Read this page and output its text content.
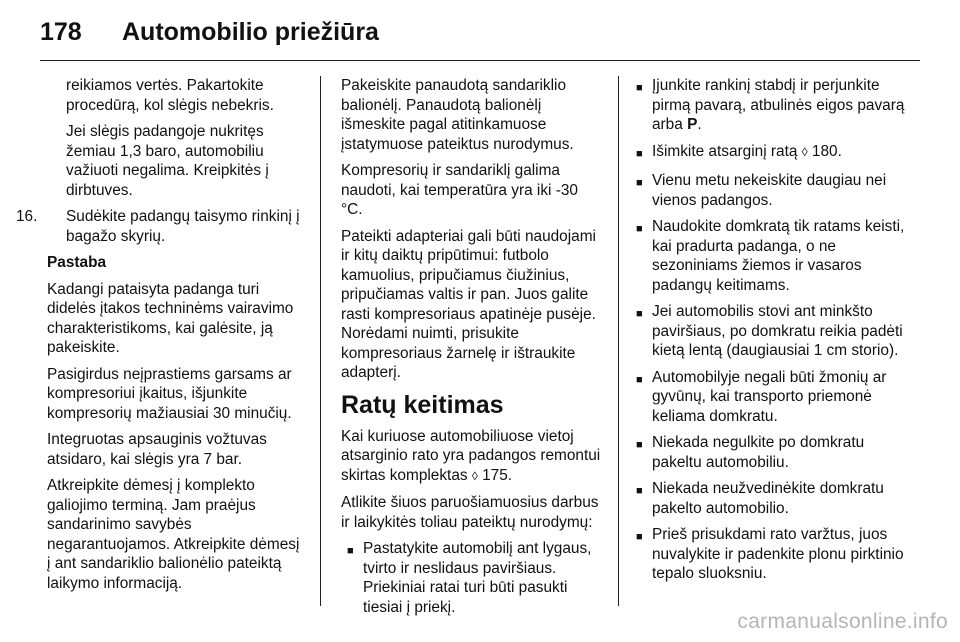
178 Automobilio priežiūra

reikiamos vertės. Pakartokite procedūrą, kol slėgis nebekris.

Jei slėgis padangoje nukritęs žemiau 1,3 baro, automobiliu važiuoti negalima. Kreipkitės į dirbtuves.

16.	Sudėkite padangų taisymo rinkinį į bagažo skyrių.

Pastaba

Kadangi pataisyta padanga turi didelės įtakos techninėms vairavimo charakteristikoms, kai galėsite, ją pakeiskite.

Pasigirdus neįprastiems garsams ar kompresoriui įkaitus, išjunkite kompresorių mažiausiai 30 minučių.

Integruotas apsauginis vožtuvas atsidaro, kai slėgis yra 7 bar.

Atkreipkite dėmesį į komplekto galiojimo terminą. Jam praėjus sandarinimo savybės negarantuojamos. Atkreipkite dėmesį į ant sandariklio balionėlio pateiktą laikymo informaciją.

Pakeiskite panaudotą sandariklio balionėlį. Panaudotą balionėlį išmeskite pagal atitinkamuose įstatymuose pateiktus nurodymus.

Kompresorių ir sandariklį galima naudoti, kai temperatūra yra iki -30 °C.

Pateikti adapteriai gali būti naudojami ir kitų daiktų pripūtimui: futbolo kamuolius, pripučiamus čiužinius, pripučiamas valtis ir pan. Juos galite rasti kompresoriaus apatinėje pusėje. Norėdami nuimti, prisukite kompresoriaus žarnelę ir ištraukite adapterį.

Ratų keitimas

Kai kuriuose automobiliuose vietoj atsarginio rato yra padangos remontui skirtas komplektas ◊ 175.

Atlikite šiuos paruošiamuosius darbus ir laikykitės toliau pateiktų nurodymų:

■ Pastatykite automobilį ant lygaus, tvirto ir neslidaus paviršiaus. Priekiniai ratai turi būti pasukti tiesiai į priekį.
■ Įjunkite rankinį stabdį ir perjunkite pirmą pavarą, atbulinės eigos pavarą arba P.
■ Išimkite atsarginį ratą ◊ 180.
■ Vienu metu nekeiskite daugiau nei vienos padangos.
■ Naudokite domkratą tik ratams keisti, kai pradurta padanga, o ne sezoniniams žiemos ir vasaros padangų keitimams.
■ Jei automobilis stovi ant minkšto paviršiaus, po domkratu reikia padėti kietą lentą (daugiausiai 1 cm storio).
■ Automobilyje negali būti žmonių ar gyvūnų, kai transporto priemonė keliama domkratu.
■ Niekada negulkite po domkratu pakeltu automobiliu.
■ Niekada neužvedinėkite domkratu pakelto automobilio.
■ Prieš prisukdami rato varžtus, juos nuvalykite ir padenkite plonu pirktinio tepalo sluoksniu.
carmanualsonline.info
